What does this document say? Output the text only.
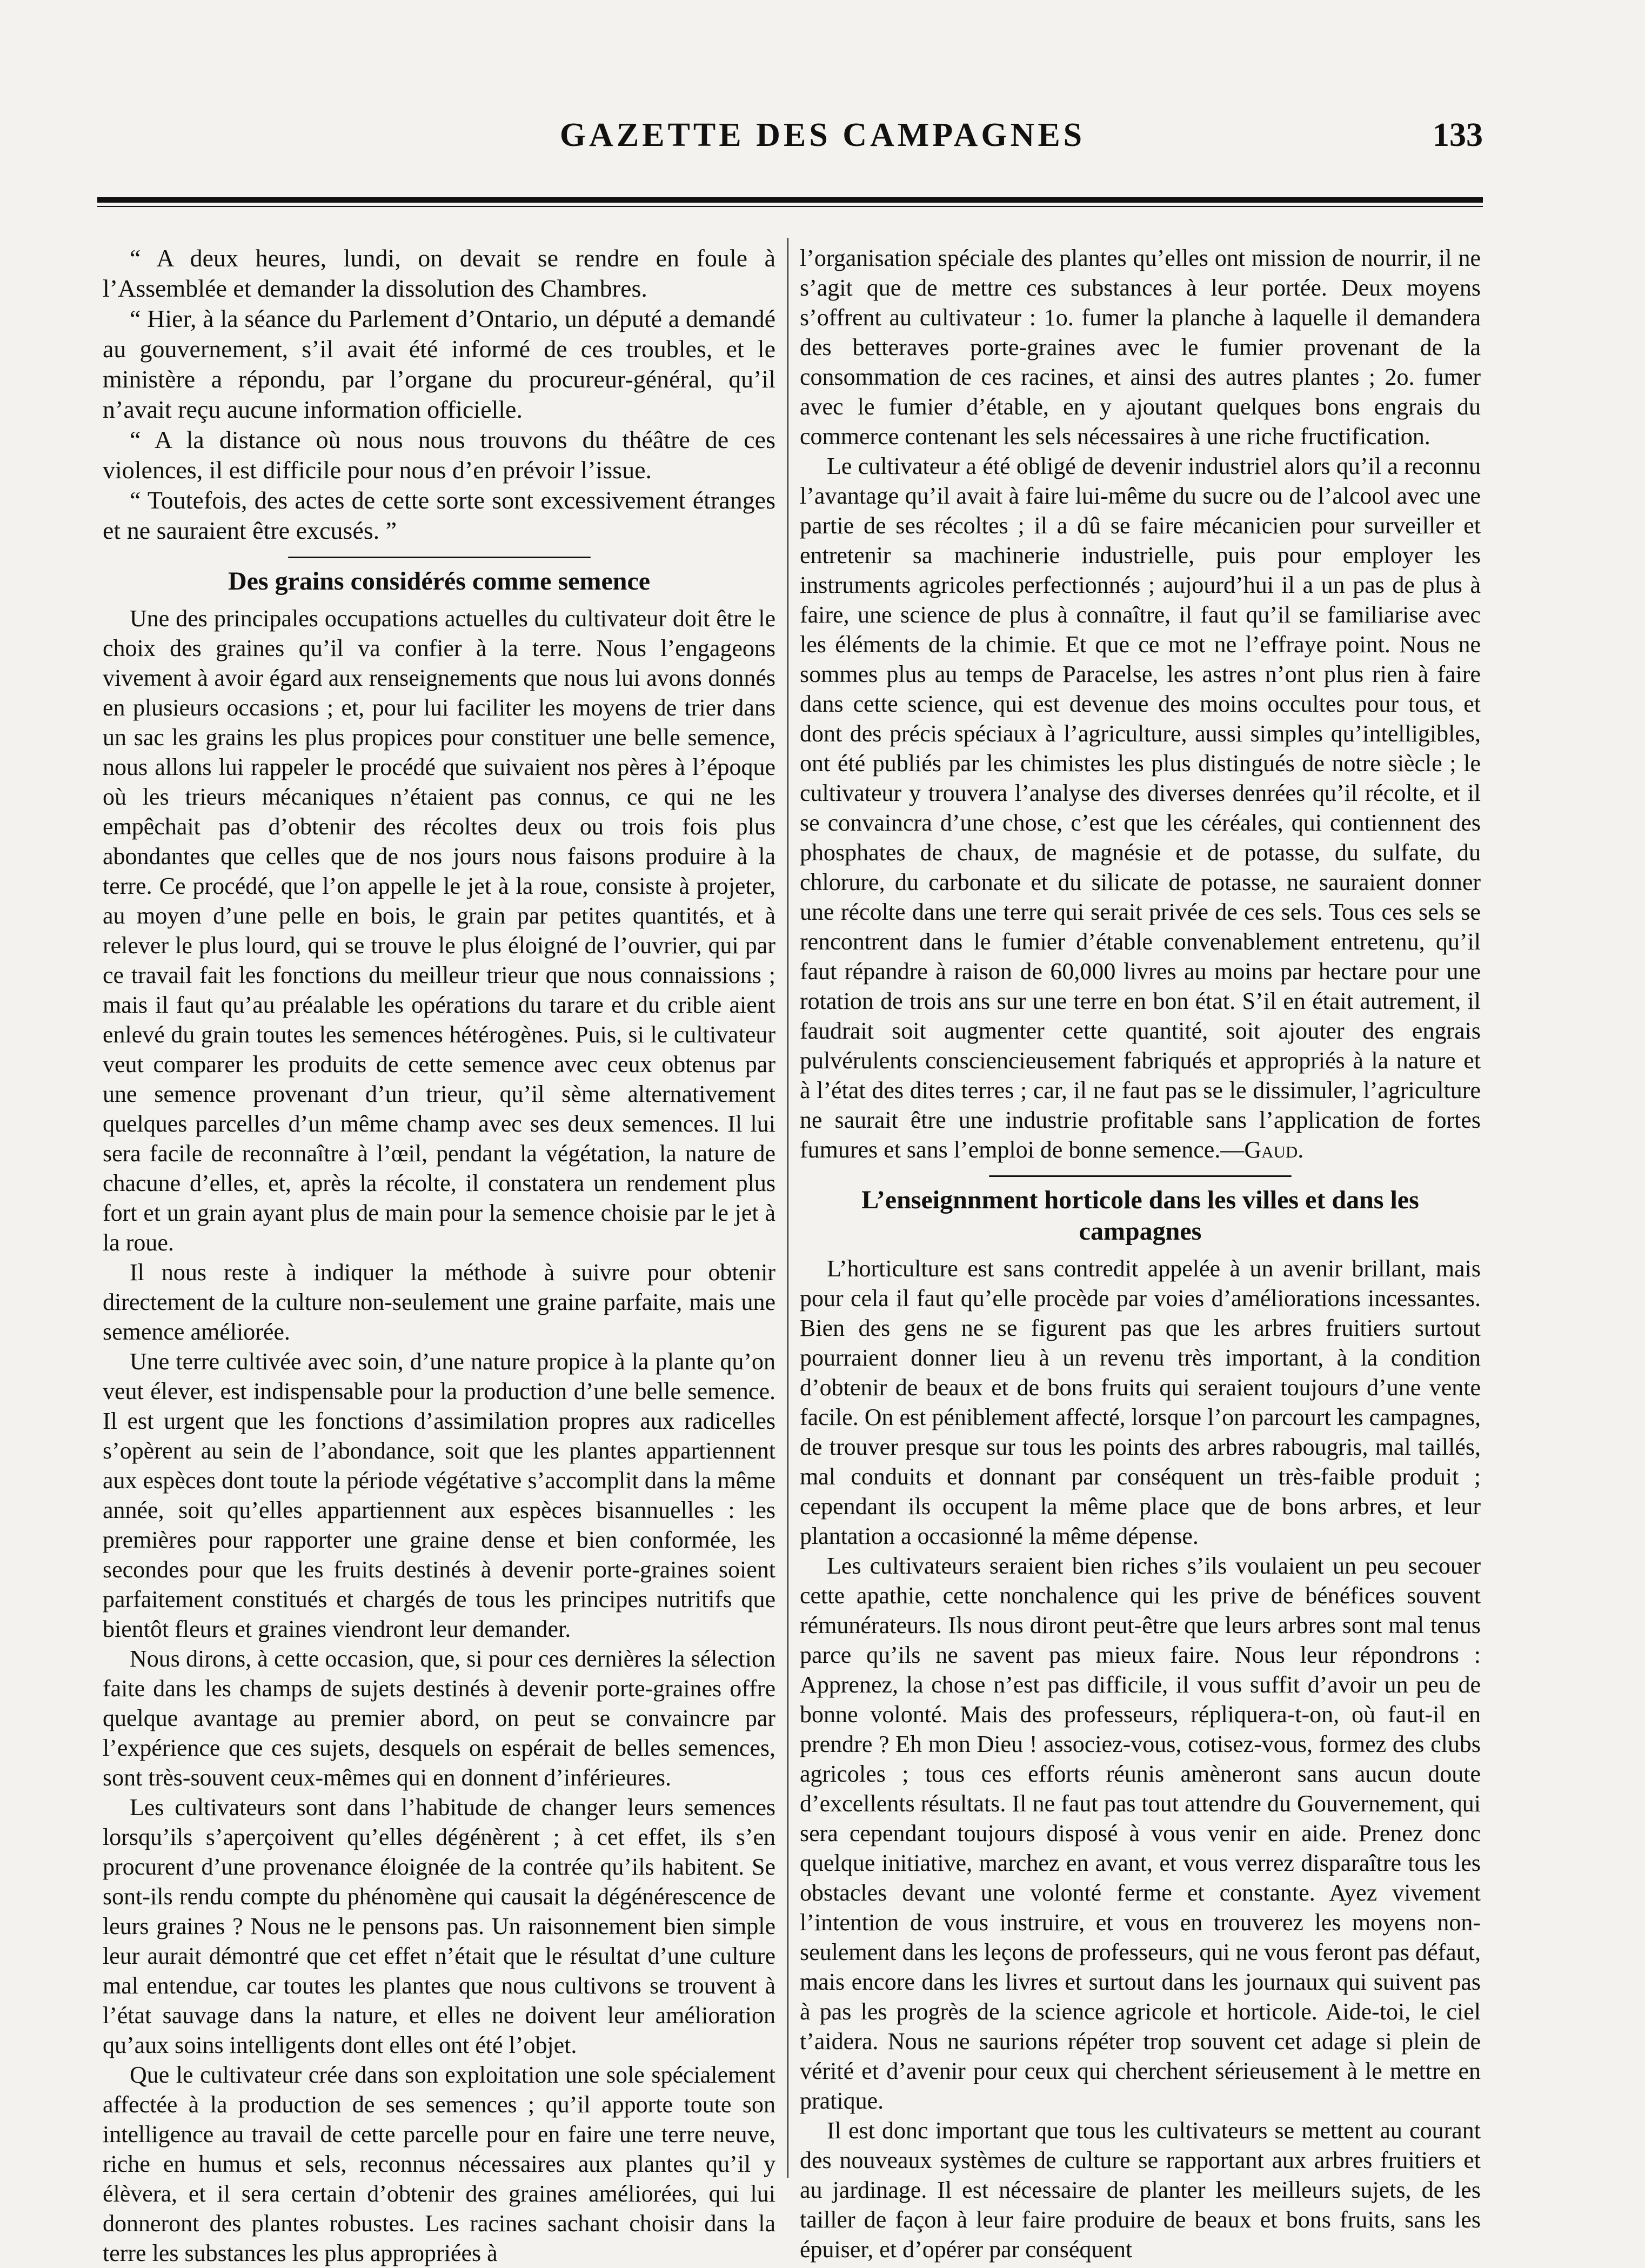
GAZETTE DES CAMPAGNES	133

“ A deux heures, lundi, on devait se rendre en foule à l’Assemblée et demander la dissolution des Chambres.

“ Hier, à la séance du Parlement d’Ontario, un député a demandé au gouvernement, s’il avait été informé de ces troubles, et le ministère a répondu, par l’organe du procureur-général, qu’il n’avait reçu aucune information officielle.

“ A la distance où nous nous trouvons du théâtre de ces violences, il est difficile pour nous d’en prévoir l’issue.

“ Toutefois, des actes de cette sorte sont excessivement étranges et ne sauraient être excusés. ”

Des grains considérés comme semence

Une des principales occupations actuelles du cultivateur doit être le choix des graines qu’il va confier à la terre. Nous l’engageons vivement à avoir égard aux renseignements que nous lui avons donnés en plusieurs occasions ; et, pour lui faciliter les moyens de trier dans un sac les grains les plus propices pour constituer une belle semence, nous allons lui rappeler le procédé que suivaient nos pères à l’époque où les trieurs mécaniques n’étaient pas connus, ce qui ne les empêchait pas d’obtenir des récoltes deux ou trois fois plus abondantes que celles que de nos jours nous faisons produire à la terre. Ce procédé, que l’on appelle le jet à la roue, consiste à projeter, au moyen d’une pelle en bois, le grain par petites quantités, et à relever le plus lourd, qui se trouve le plus éloigné de l’ouvrier, qui par ce travail fait les fonctions du meilleur trieur que nous connaissions ; mais il faut qu’au préalable les opérations du tarare et du crible aient enlevé du grain toutes les semences hétérogènes. Puis, si le cultivateur veut comparer les produits de cette semence avec ceux obtenus par une semence provenant d’un trieur, qu’il sème alternativement quelques parcelles d’un même champ avec ses deux semences. Il lui sera facile de reconnaître à l’œil, pendant la végétation, la nature de chacune d’elles, et, après la récolte, il constatera un rendement plus fort et un grain ayant plus de main pour la semence choisie par le jet à la roue.

Il nous reste à indiquer la méthode à suivre pour obtenir directement de la culture non-seulement une graine parfaite, mais une semence améliorée.

Une terre cultivée avec soin, d’une nature propice à la plante qu’on veut élever, est indispensable pour la production d’une belle semence. Il est urgent que les fonctions d’assimilation propres aux radicelles s’opèrent au sein de l’abondance, soit que les plantes appartiennent aux espèces dont toute la période végétative s’accomplit dans la même année, soit qu’elles appartiennent aux espèces bisannuelles : les premières pour rapporter une graine dense et bien conformée, les secondes pour que les fruits destinés à devenir porte-graines soient parfaitement constitués et chargés de tous les principes nutritifs que bientôt fleurs et graines viendront leur demander.

Nous dirons, à cette occasion, que, si pour ces dernières la sélection faite dans les champs de sujets destinés à devenir porte-graines offre quelque avantage au premier abord, on peut se convaincre par l’expérience que ces sujets, desquels on espérait de belles semences, sont très-souvent ceux-mêmes qui en donnent d’inférieures.

Les cultivateurs sont dans l’habitude de changer leurs semences lorsqu’ils s’aperçoivent qu’elles dégénèrent ; à cet effet, ils s’en procurent d’une provenance éloignée de la contrée qu’ils habitent. Se sont-ils rendu compte du phénomène qui causait la dégénérescence de leurs graines ? Nous ne le pensons pas. Un raisonnement bien simple leur aurait démontré que cet effet n’était que le résultat d’une culture mal entendue, car toutes les plantes que nous cultivons se trouvent à l’état sauvage dans la nature, et elles ne doivent leur amélioration qu’aux soins intelligents dont elles ont été l’objet.

Que le cultivateur crée dans son exploitation une sole spécialement affectée à la production de ses semences ; qu’il apporte toute son intelligence au travail de cette parcelle pour en faire une terre neuve, riche en humus et sels, reconnus nécessaires aux plantes qu’il y élèvera, et il sera certain d’obtenir des graines améliorées, qui lui donneront des plantes robustes. Les racines sachant choisir dans la terre les substances les plus appropriées à

l’organisation spéciale des plantes qu’elles ont mission de nourrir, il ne s’agit que de mettre ces substances à leur portée. Deux moyens s’offrent au cultivateur : 1o. fumer la planche à laquelle il demandera des betteraves porte-graines avec le fumier provenant de la consommation de ces racines, et ainsi des autres plantes ; 2o. fumer avec le fumier d’étable, en y ajoutant quelques bons engrais du commerce contenant les sels nécessaires à une riche fructification.

Le cultivateur a été obligé de devenir industriel alors qu’il a reconnu l’avantage qu’il avait à faire lui-même du sucre ou de l’alcool avec une partie de ses récoltes ; il a dû se faire mécanicien pour surveiller et entretenir sa machinerie industrielle, puis pour employer les instruments agricoles perfectionnés ; aujourd’hui il a un pas de plus à faire, une science de plus à connaître, il faut qu’il se familiarise avec les éléments de la chimie. Et que ce mot ne l’effraye point. Nous ne sommes plus au temps de Paracelse, les astres n’ont plus rien à faire dans cette science, qui est devenue des moins occultes pour tous, et dont des précis spéciaux à l’agriculture, aussi simples qu’intelligibles, ont été publiés par les chimistes les plus distingués de notre siècle ; le cultivateur y trouvera l’analyse des diverses denrées qu’il récolte, et il se convaincra d’une chose, c’est que les céréales, qui contiennent des phosphates de chaux, de magnésie et de potasse, du sulfate, du chlorure, du carbonate et du silicate de potasse, ne sauraient donner une récolte dans une terre qui serait privée de ces sels. Tous ces sels se rencontrent dans le fumier d’étable convenablement entretenu, qu’il faut répandre à raison de 60,000 livres au moins par hectare pour une rotation de trois ans sur une terre en bon état. S’il en était autrement, il faudrait soit augmenter cette quantité, soit ajouter des engrais pulvérulents consciencieusement fabriqués et appropriés à la nature et à l’état des dites terres ; car, il ne faut pas se le dissimuler, l’agriculture ne saurait être une industrie profitable sans l’application de fortes fumures et sans l’emploi de bonne semence.—Gaud.

L’enseignnment horticole dans les villes et dans les campagnes

L’horticulture est sans contredit appelée à un avenir brillant, mais pour cela il faut qu’elle procède par voies d’améliorations incessantes. Bien des gens ne se figurent pas que les arbres fruitiers surtout pourraient donner lieu à un revenu très important, à la condition d’obtenir de beaux et de bons fruits qui seraient toujours d’une vente facile. On est péniblement affecté, lorsque l’on parcourt les campagnes, de trouver presque sur tous les points des arbres rabougris, mal taillés, mal conduits et donnant par conséquent un très-faible produit ; cependant ils occupent la même place que de bons arbres, et leur plantation a occasionné la même dépense.

Les cultivateurs seraient bien riches s’ils voulaient un peu secouer cette apathie, cette nonchalence qui les prive de bénéfices souvent rémunérateurs. Ils nous diront peut-être que leurs arbres sont mal tenus parce qu’ils ne savent pas mieux faire. Nous leur répondrons : Apprenez, la chose n’est pas difficile, il vous suffit d’avoir un peu de bonne volonté. Mais des professeurs, répliquera-t-on, où faut-il en prendre ? Eh mon Dieu ! associez-vous, cotisez-vous, formez des clubs agricoles ; tous ces efforts réunis amèneront sans aucun doute d’excellents résultats. Il ne faut pas tout attendre du Gouvernement, qui sera cependant toujours disposé à vous venir en aide. Prenez donc quelque initiative, marchez en avant, et vous verrez disparaître tous les obstacles devant une volonté ferme et constante. Ayez vivement l’intention de vous instruire, et vous en trouverez les moyens non-seulement dans les leçons de professeurs, qui ne vous feront pas défaut, mais encore dans les livres et surtout dans les journaux qui suivent pas à pas les progrès de la science agricole et horticole. Aide-toi, le ciel t’aidera. Nous ne saurions répéter trop souvent cet adage si plein de vérité et d’avenir pour ceux qui cherchent sérieusement à le mettre en pratique.

Il est donc important que tous les cultivateurs se mettent au courant des nouveaux systèmes de culture se rapportant aux arbres fruitiers et au jardinage. Il est nécessaire de planter les meilleurs sujets, de les tailler de façon à leur faire produire de beaux et bons fruits, sans les épuiser, et d’opérer par conséquent
